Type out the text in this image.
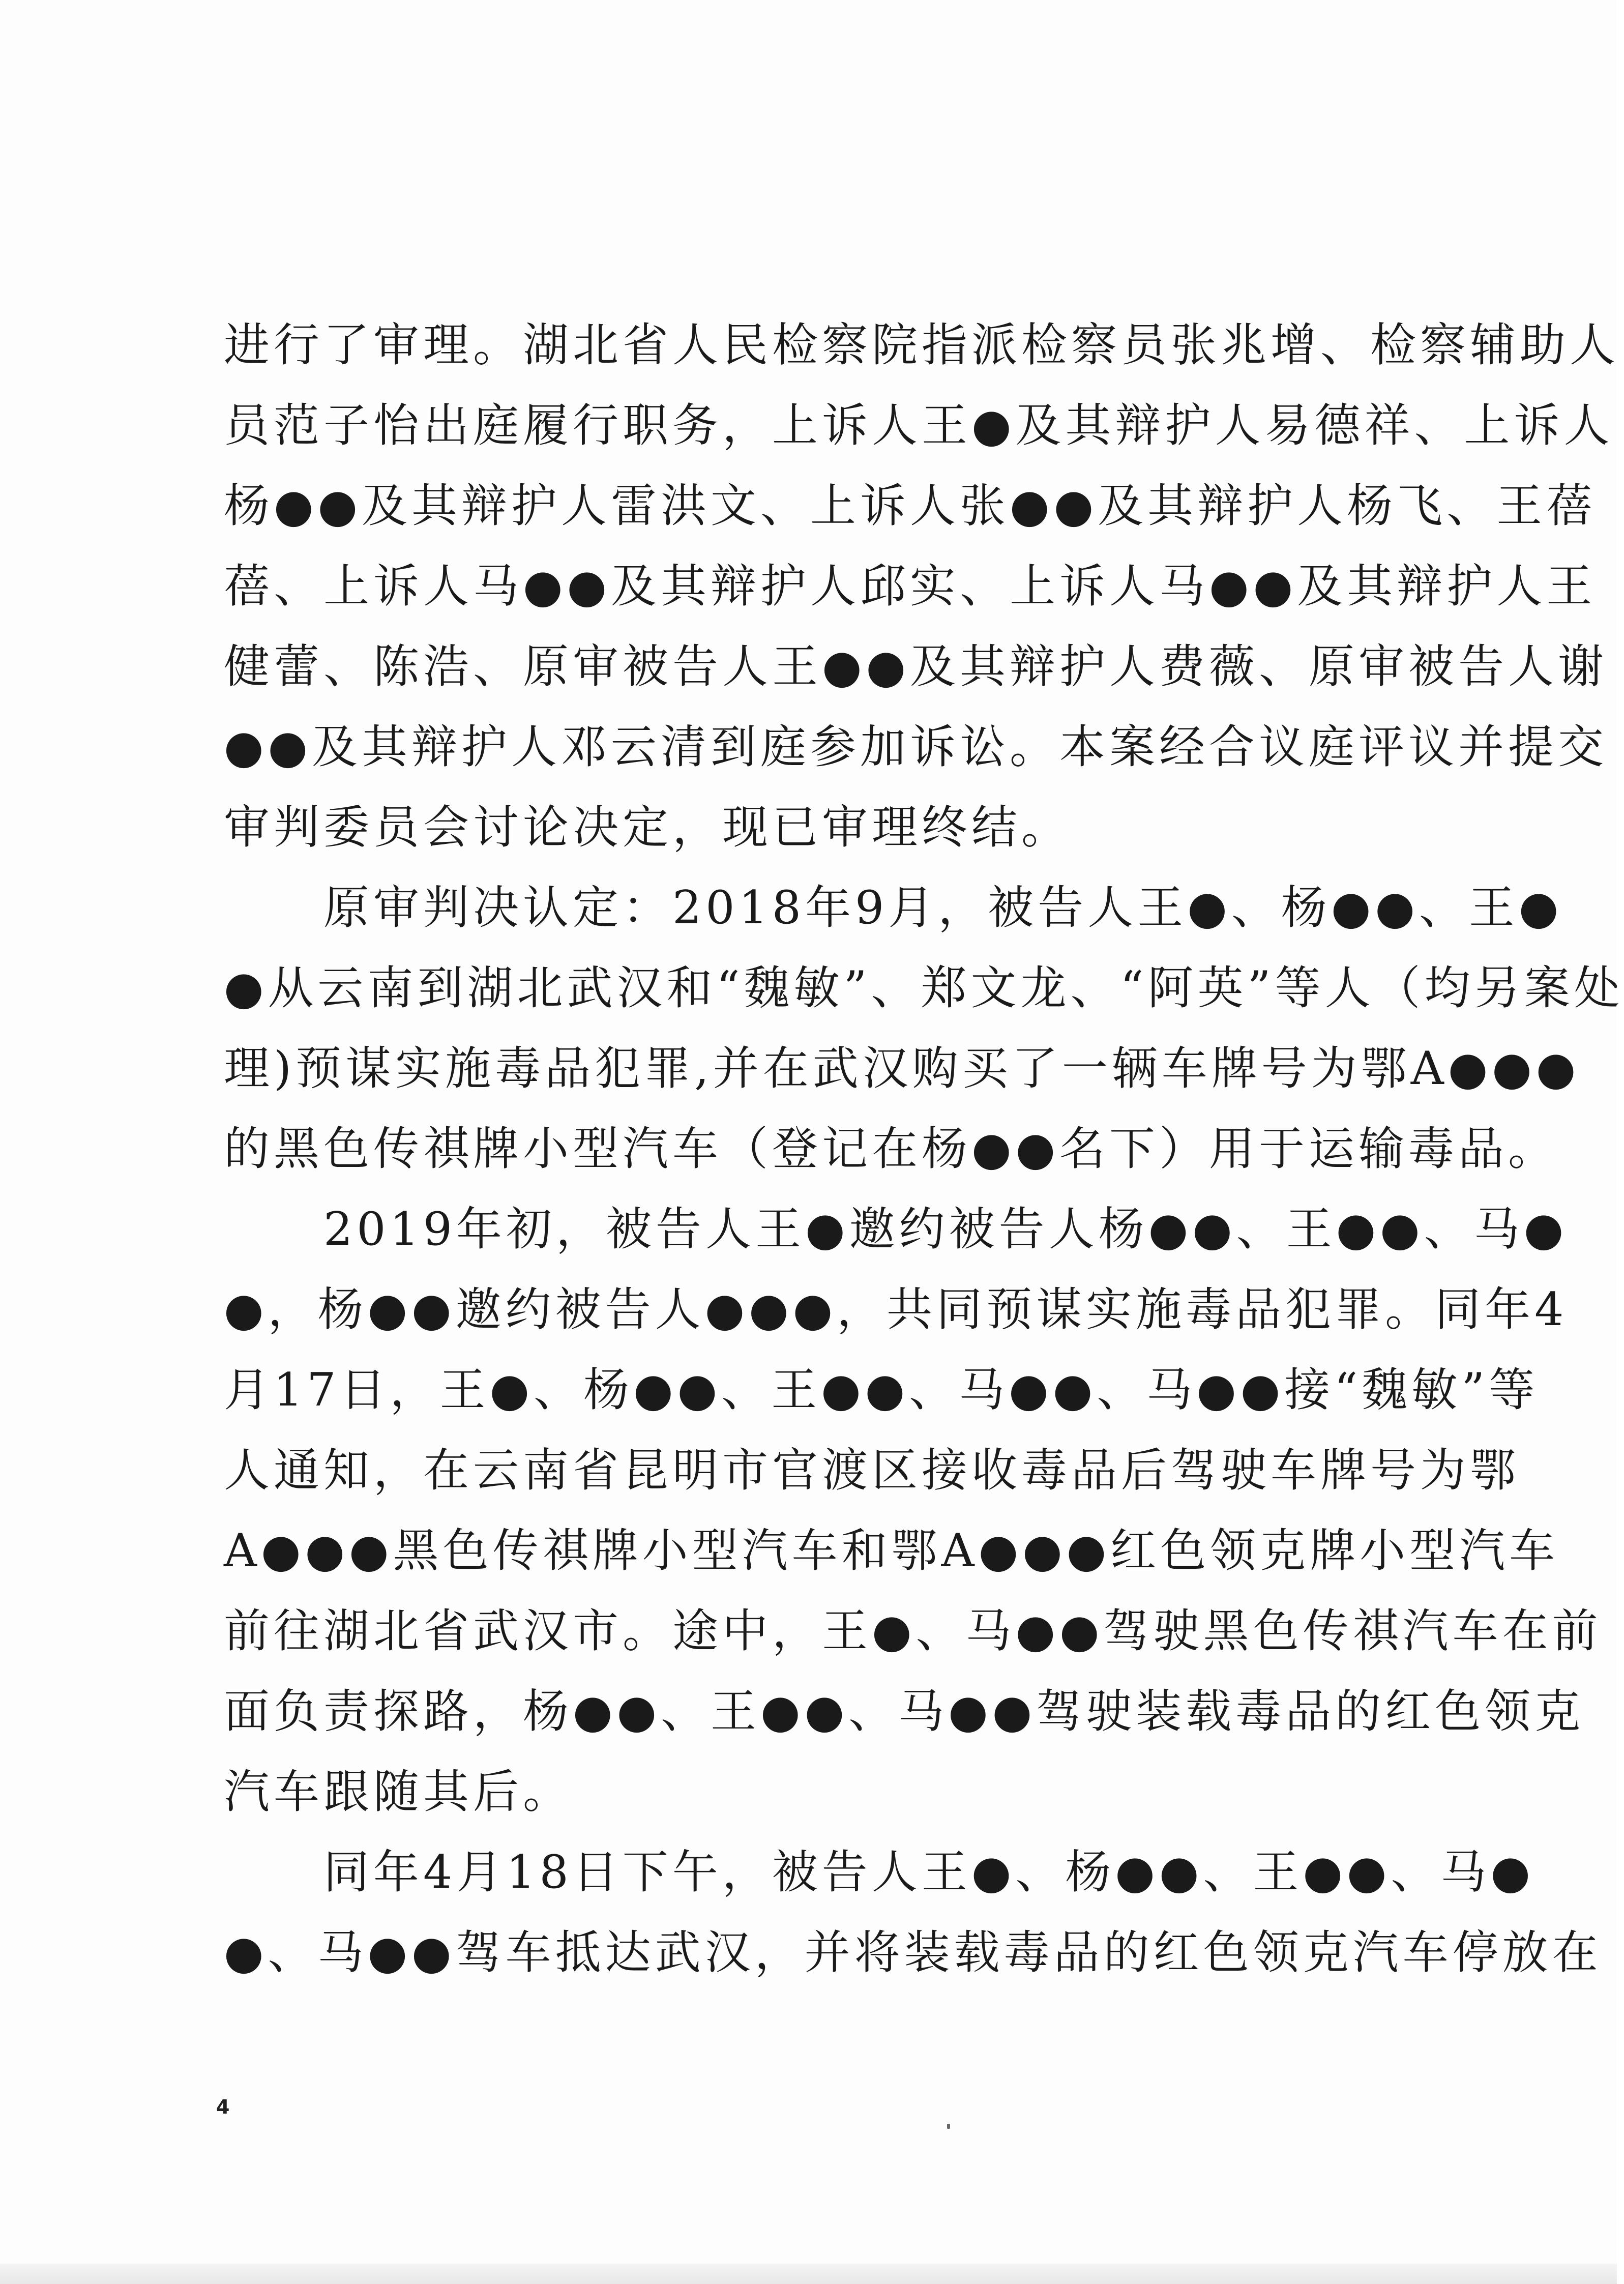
进行了审理。湖北省人民检察院指派检察员张兆增、检察辅助人
员范子怡出庭履行职务，上诉人王●及其辩护人易德祥、上诉人
杨●●及其辩护人雷洪文、上诉人张●●及其辩护人杨飞、王蓓
蓓、上诉人马●●及其辩护人邱实、上诉人马●●及其辩护人王
健蕾、陈浩、原审被告人王●●及其辩护人费薇、原审被告人谢
●●及其辩护人邓云清到庭参加诉讼。本案经合议庭评议并提交
审判委员会讨论决定，现已审理终结。
　　原审判决认定：2018年9月，被告人王●、杨●●、王●
●从云南到湖北武汉和“魏敏”、郑文龙、“阿英”等人（均另案处
理)预谋实施毒品犯罪,并在武汉购买了一辆车牌号为鄂A●●●
的黑色传祺牌小型汽车（登记在杨●●名下）用于运输毒品。
　　2019年初，被告人王●邀约被告人杨●●、王●●、马●
●，杨●●邀约被告人●●●，共同预谋实施毒品犯罪。同年4
月17日，王●、杨●●、王●●、马●●、马●●接“魏敏”等
人通知，在云南省昆明市官渡区接收毒品后驾驶车牌号为鄂
A●●●黑色传祺牌小型汽车和鄂A●●●红色领克牌小型汽车
前往湖北省武汉市。途中，王●、马●●驾驶黑色传祺汽车在前
面负责探路，杨●●、王●●、马●●驾驶装载毒品的红色领克
汽车跟随其后。
　　同年4月18日下午，被告人王●、杨●●、王●●、马●
●、马●●驾车抵达武汉，并将装载毒品的红色领克汽车停放在
4
